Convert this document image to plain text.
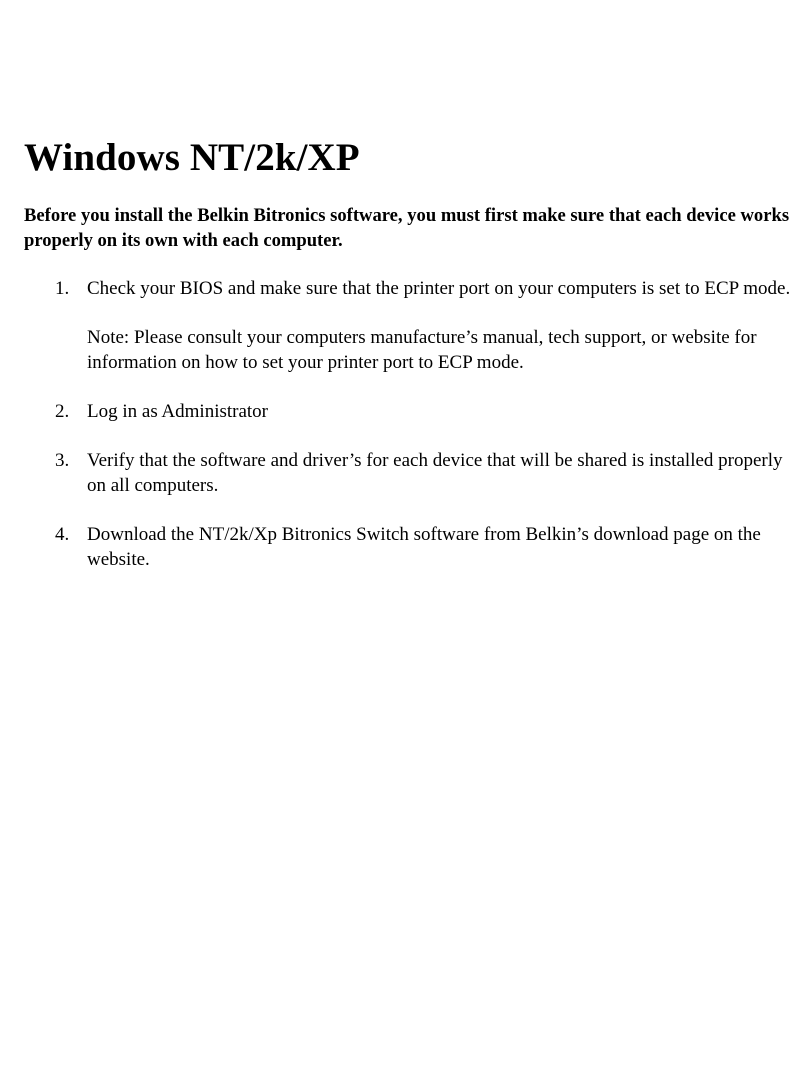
Windows NT/2k/XP

Before you install the Belkin Bitronics software, you must first make sure that each device works properly on its own with each computer.

1. Check your BIOS and make sure that the printer port on your computers is set to ECP mode.

Note: Please consult your computers manufacture’s manual, tech support, or website for information on how to set your printer port to ECP mode.

2. Log in as Administrator

3. Verify that the software and driver’s for each device that will be shared is installed properly on all computers.

4. Download the NT/2k/Xp Bitronics Switch software from Belkin’s download page on the website.
